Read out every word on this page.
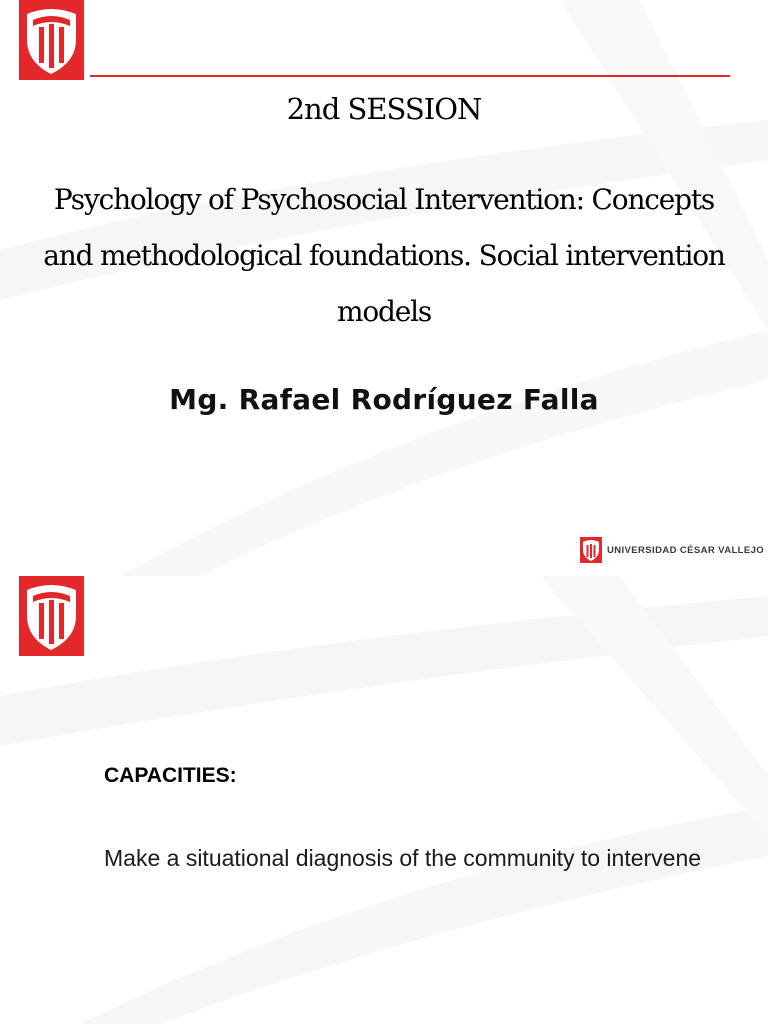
2nd SESSION
Psychology of Psychosocial Intervention: Concepts and methodological foundations. Social intervention models
Mg. Rafael Rodríguez Falla
UNIVERSIDAD CÉSAR VALLEJO
CAPACITIES:
Make a situational diagnosis of the community to intervene
